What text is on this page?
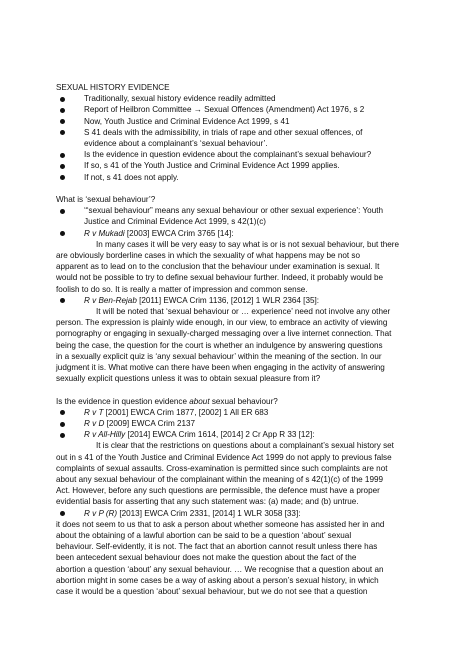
SEXUAL HISTORY EVIDENCE
Traditionally, sexual history evidence readily admitted
Report of Heilbron Committee → Sexual Offences (Amendment) Act 1976, s 2
Now, Youth Justice and Criminal Evidence Act 1999, s 41
S 41 deals with the admissibility, in trials of rape and other sexual offences, of
evidence about a complainant’s ‘sexual behaviour’.
Is the evidence in question evidence about the complainant’s sexual behaviour?
If so, s 41 of the Youth Justice and Criminal Evidence Act 1999 applies.
If not, s 41 does not apply.
What is ‘sexual behaviour’?
‘“sexual behaviour” means any sexual behaviour or other sexual experience’: Youth
Justice and Criminal Evidence Act 1999, s 42(1)(c)
R v Mukadi [2003] EWCA Crim 3765 [14]:
In many cases it will be very easy to say what is or is not sexual behaviour, but there
are obviously borderline cases in which the sexuality of what happens may be not so
apparent as to lead on to the conclusion that the behaviour under examination is sexual. It
would not be possible to try to define sexual behaviour further. Indeed, it probably would be
foolish to do so. It is really a matter of impression and common sense.
R v Ben-Rejab [2011] EWCA Crim 1136, [2012] 1 WLR 2364 [35]:
It will be noted that ‘sexual behaviour or … experience’ need not involve any other
person. The expression is plainly wide enough, in our view, to embrace an activity of viewing
pornography or engaging in sexually-charged messaging over a live internet connection. That
being the case, the question for the court is whether an indulgence by answering questions
in a sexually explicit quiz is ‘any sexual behaviour’ within the meaning of the section. In our
judgment it is. What motive can there have been when engaging in the activity of answering
sexually explicit questions unless it was to obtain sexual pleasure from it?
Is the evidence in question evidence about sexual behaviour?
R v T [2001] EWCA Crim 1877, [2002] 1 All ER 683
R v D [2009] EWCA Crim 2137
R v All-Hilly [2014] EWCA Crim 1614, [2014] 2 Cr App R 33 [12]:
It is clear that the restrictions on questions about a complainant’s sexual history set
out in s 41 of the Youth Justice and Criminal Evidence Act 1999 do not apply to previous false
complaints of sexual assaults. Cross-examination is permitted since such complaints are not
about any sexual behaviour of the complainant within the meaning of s 42(1)(c) of the 1999
Act. However, before any such questions are permissible, the defence must have a proper
evidential basis for asserting that any such statement was: (a) made; and (b) untrue.
R v P (R) [2013] EWCA Crim 2331, [2014] 1 WLR 3058 [33]:
it does not seem to us that to ask a person about whether someone has assisted her in and
about the obtaining of a lawful abortion can be said to be a question ‘about’ sexual
behaviour. Self-evidently, it is not. The fact that an abortion cannot result unless there has
been antecedent sexual behaviour does not make the question about the fact of the
abortion a question ‘about’ any sexual behaviour. … We recognise that a question about an
abortion might in some cases be a way of asking about a person’s sexual history, in which
case it would be a question ‘about’ sexual behaviour, but we do not see that a question
